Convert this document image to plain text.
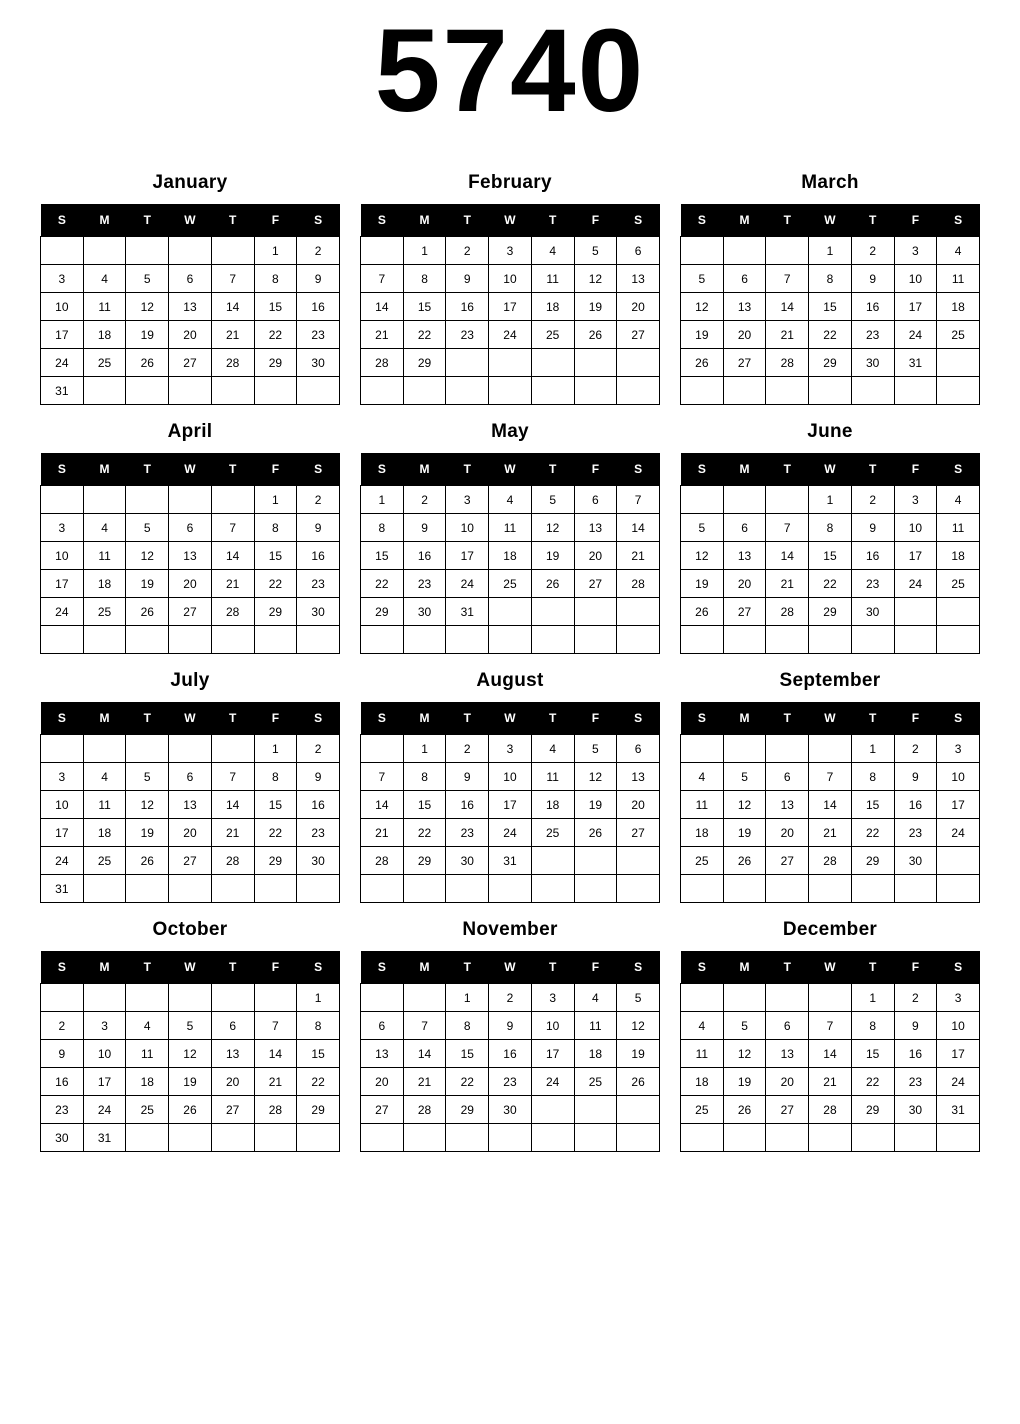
5740
January
S	M	T	W	T	F	S
					1	2
3	4	5	6	7	8	9
10	11	12	13	14	15	16
17	18	19	20	21	22	23
24	25	26	27	28	29	30
31						
February
S	M	T	W	T	F	S
	1	2	3	4	5	6
7	8	9	10	11	12	13
14	15	16	17	18	19	20
21	22	23	24	25	26	27
28	29					

March
S	M	T	W	T	F	S
			1	2	3	4
5	6	7	8	9	10	11
12	13	14	15	16	17	18
19	20	21	22	23	24	25
26	27	28	29	30	31	

April
S	M	T	W	T	F	S
					1	2
3	4	5	6	7	8	9
10	11	12	13	14	15	16
17	18	19	20	21	22	23
24	25	26	27	28	29	30

May
S	M	T	W	T	F	S
1	2	3	4	5	6	7
8	9	10	11	12	13	14
15	16	17	18	19	20	21
22	23	24	25	26	27	28
29	30	31				

June
S	M	T	W	T	F	S
			1	2	3	4
5	6	7	8	9	10	11
12	13	14	15	16	17	18
19	20	21	22	23	24	25
26	27	28	29	30		

July
S	M	T	W	T	F	S
					1	2
3	4	5	6	7	8	9
10	11	12	13	14	15	16
17	18	19	20	21	22	23
24	25	26	27	28	29	30
31						
August
S	M	T	W	T	F	S
	1	2	3	4	5	6
7	8	9	10	11	12	13
14	15	16	17	18	19	20
21	22	23	24	25	26	27
28	29	30	31			

September
S	M	T	W	T	F	S
				1	2	3
4	5	6	7	8	9	10
11	12	13	14	15	16	17
18	19	20	21	22	23	24
25	26	27	28	29	30	

October
S	M	T	W	T	F	S
						1
2	3	4	5	6	7	8
9	10	11	12	13	14	15
16	17	18	19	20	21	22
23	24	25	26	27	28	29
30	31					
November
S	M	T	W	T	F	S
		1	2	3	4	5
6	7	8	9	10	11	12
13	14	15	16	17	18	19
20	21	22	23	24	25	26
27	28	29	30			

December
S	M	T	W	T	F	S
				1	2	3
4	5	6	7	8	9	10
11	12	13	14	15	16	17
18	19	20	21	22	23	24
25	26	27	28	29	30	31
